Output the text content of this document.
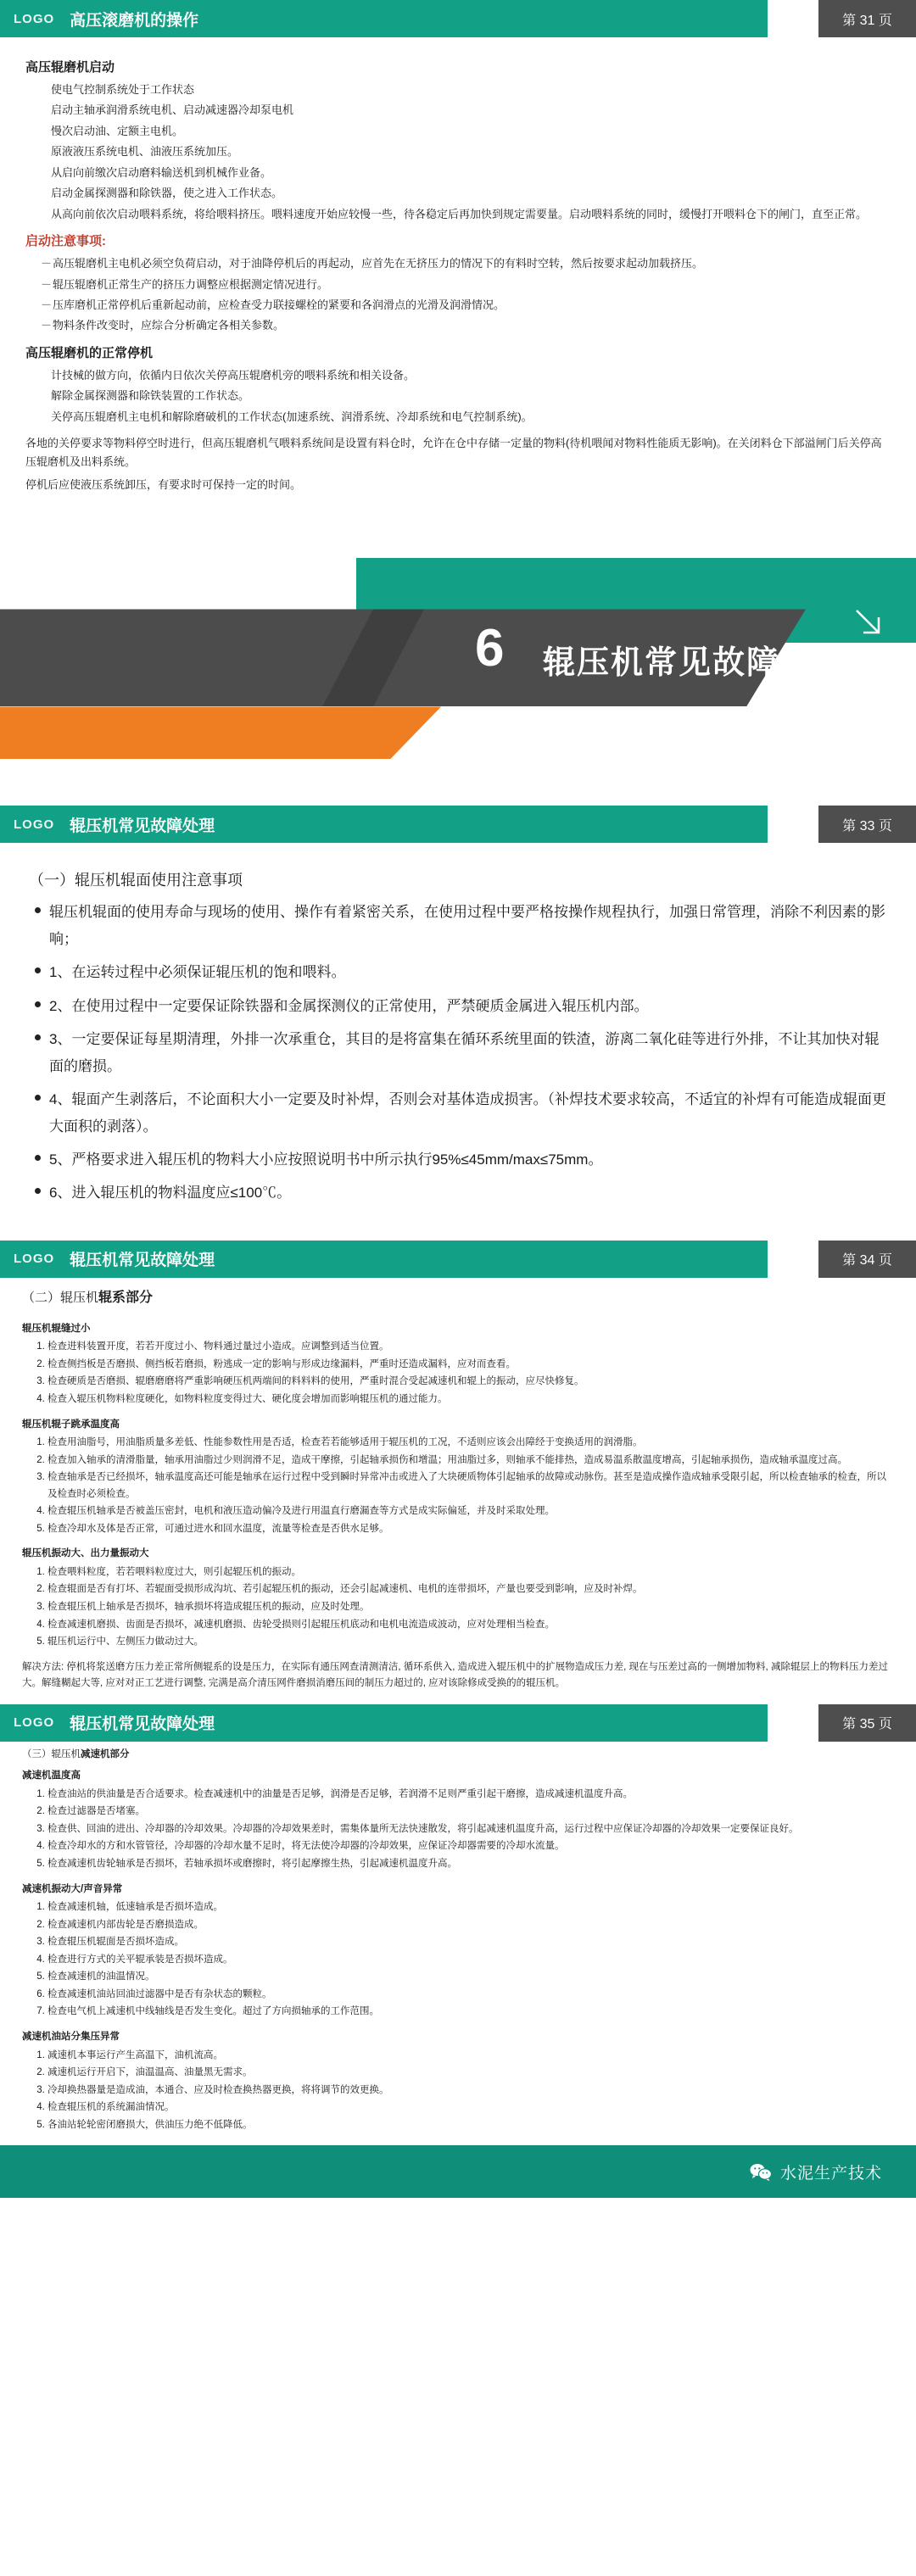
LOGO 高压滚磨机的操作	第 31 页
高压辊磨机启动
使电气控制系统处于工作状态
启动主轴承润滑系统电机、启动减速器冷却泵电机
慢次启动油、定额主电机。
原液液压系统电机、油液压系统加压。
从启向前缴次启动磨料输送机到机械作业备。
启动金属探测器和除铁器，使之进入工作状态。
从高向前依次启动喂料系统，将给喂料挤压。喂料速度开始应较慢一些，待各稳定后再加快到规定需要量。启动喂料系统的同时，缓慢打开喂料仓下的闸门，直至正常。
启动注意事项:
－ 高压辊磨机主电机必须空负荷启动，对于油降停机后的再起动，应首先在无挤压力的情况下的有料时空转，然后按要求起动加载挤压。
－ 辊压辊磨机正常生产的挤压力调整应根据测定情况进行。
－ 压库磨机正常停机后重新起动前，应检查受力联接螺栓的紧要和各润滑点的光滑及润滑情况。
－ 物料条件改变时，应综合分析确定各相关参数。
高压辊磨机的正常停机
计技械的做方向，依循内日依次关停高压辊磨机旁的喂料系统和相关设备。
解除金属探测器和除铁装置的工作状态。
关停高压辊磨机主电机和解除磨破机的工作状态(加速系统、润滑系统、冷却系统和电气控制系统)。
各地的关停要求等物料停空时进行，但高压辊磨机气喂料系统间是设置有料仓时，允许在仓中存储一定量的物料(待机喂闻对物料性能质无影响)。在关闭料仓下部溢闸门后关停高压辊磨机及出料系统。
停机后应使液压系统卸压，有要求时可保持一定的时间。
PART	6 辊压机常见故障机处理
LOGO 辊压机常见故障处理	第 33 页
（一）辊压机辊面使用注意事项
辊压机辊面的使用寿命与现场的使用、操作有着紧密关系，在使用过程中要严格按操作规程执行，加强日常管理，消除不利因素的影响；
1、在运转过程中必须保证辊压机的饱和喂料。
2、在使用过程中一定要保证除铁器和金属探测仪的正常使用，严禁硬质金属进入辊压机内部。
3、一定要保证每星期清理，外排一次承重仓，其目的是将富集在循环系统里面的铁渣，游离二氧化硅等进行外排，不让其加快对辊面的磨损。
4、辊面产生剥落后，不论面积大小一定要及时补焊，否则会对基体造成损害。（补焊技术要求较高，不适宜的补焊有可能造成辊面更大面积的剥落）。
5、严格要求进入辊压机的物料大小应按照说明书中所示执行95%≤45mm/max≤75mm。
6、进入辊压机的物料温度应≤100℃。
LOGO 辊压机常见故障处理	第 34 页
（二）辊压机辊系部分
辊压机辊缝过小
1. 检查进料装置开度，若若开度过小、物料通过量过小造成。应调整到适当位置。
2. 检查侧挡板是否磨损、侧挡板若磨损，粉逃成一定的影响与形成边缘漏料，严重时还造成漏料，应对而查看。
3. 检查硬质是否磨损、辊磨磨磨将严重影响硬压机两端间的料料料的使用，严重时混合受起减速机和辊上的振动，应尽快修复。
4. 检查入辊压机物料粒度硬化，如物料粒度变得过大、硬化度会增加而影响辊压机的通过能力。
辊压机辊子跳承温度高
1. 检查用油脂号，用油脂质量多差低、性能参数性用是否适，检查若若能够适用于辊压机的工况，不适则应该会出障经于变换适用的润滑脂。
2. 检查加入轴承的清滑脂量，轴承用油脂过少则润滑不足，造成干摩擦，引起轴承损伤和增温；用油脂过多，则轴承不能排热，造成易温系散温度增高，引起轴承损伤，造成轴承温度过高。
3. 检查轴承是否已经损坏，轴承温度高还可能是轴承在运行过程中受到瞬时异常冲击或进入了大块硬质物体引起轴承的故障或动脉伤。甚至是造成操作造成轴承受限引起，所以检查轴承的检查，所以及检查时必须检查。
4. 检查辊压机轴承是否被盖压密封，电机和液压造动偏冷及进行用温直行磨漏查等方式是成实际偏延，并及时采取处理。
5. 检查冷却水及体是否正常，可通过进水和回水温度，流量等检查是否供水足够。
辊压机振动大、出力量振动大
1. 检查喂料粒度，若若喂料粒度过大，则引起辊压机的振动。
2. 检查辊面是否有打坏、若辊面受损形成沟坑、若引起辊压机的振动，还会引起减速机、电机的连带损坏，产量也要受到影响，应及时补焊。
3. 检查辊压机上轴承是否损坏，轴承损坏将造成辊压机的振动，应及时处理。
4. 检查减速机磨损、齿面是否损坏，减速机磨损、齿轮受损则引起辊压机底动和电机电流造成波动，应对处理相当检查。
5. 辊压机运行中、左侧压力做动过大。

解决方法: 停机将浆送磨方压力差正常所侧辊系的设是压力，在实际有通压网查清测清洁, 循环系供入, 造成进入辊压机中的扩展物造成压力差, 现在与压差过高的一侧增加物料, 减除辊层上的物料压力差过大。解缝糊起大等, 应对对正工艺进行调整, 完满是高介清压网件磨损消磨压间的制压力超过的, 应对该除修成受换的的辊压机。

LOGO 辊压机常见故障处理	第 35 页
（三）辊压机减速机部分
减速机温度高
1. 检查油站的供油量是否合适要求。检查减速机中的油量是否足够，润滑是否足够，若润滑不足则严重引起干磨擦，造成减速机温度升高。
2. 检查过滤器是否堵塞。
3. 检查供、回油的进出、冷却器的冷却效果。冷却器的冷却效果差时，需集体量所无法快速散发，将引起减速机温度升高，运行过程中应保证冷却器的冷却效果一定要保证良好。
4. 检查冷却水的方和水管管径，冷却器的冷却水量不足时，将无法使冷却器的冷却效果，应保证冷却器需要的冷却水流量。
5. 检查减速机齿轮轴承是否损坏，若轴承损坏或磨擦时，将引起摩擦生热，引起减速机温度升高。
减速机振动大/声音异常
1. 检查减速机轴，低速轴承是否损坏造成。
2. 检查减速机内部齿轮是否磨损造成。
3. 检查辊压机辊面是否损坏造成。
4. 检查进行方式的关平辊承装是否损坏造成。
5. 检查减速机的油温情况。
6. 检查减速机油站回油过滤器中是否有杂状态的颗粒。
7. 检查电气机上减速机中线轴线是否发生变化。超过了方向损轴承的工作范围。
减速机油站分集压异常
1. 减速机本事运行产生高温下，油机流高。
2. 减速机运行开启下，油温温高、油量黑无需求。
3. 冷却换热器量是造成油，本通合、应及时检查换热器更换，将将调节的效更换。
4. 检查辊压机的系统漏油情况。
5. 各油站轮轮密闭磨损大，供油压力绝不低降低。
水泥生产技术
